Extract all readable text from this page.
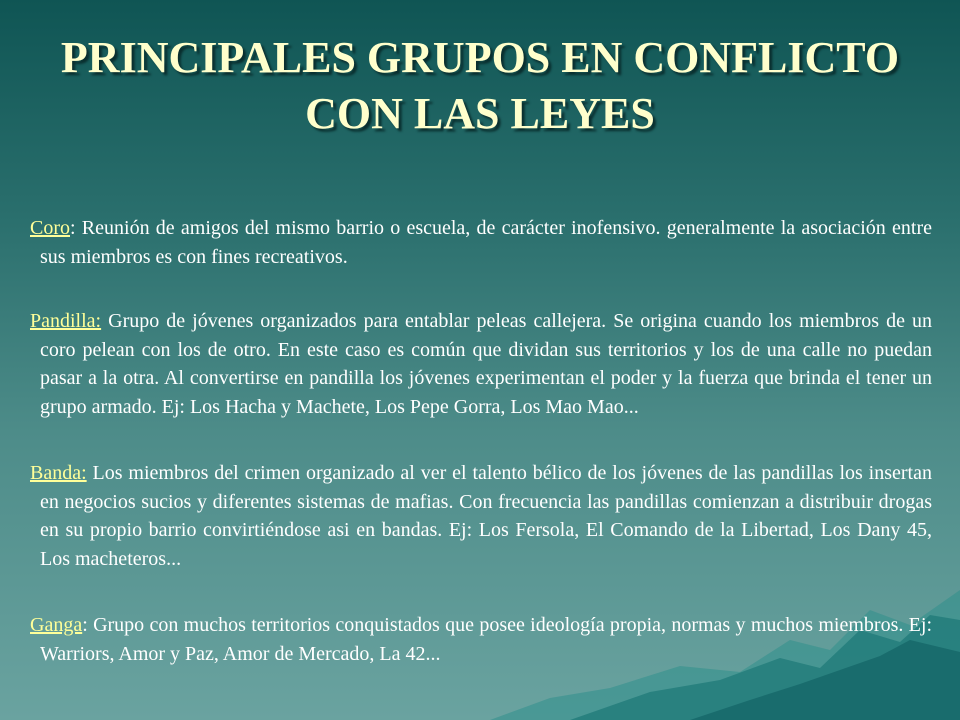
PRINCIPALES GRUPOS EN CONFLICTO
CON LAS LEYES

Coro: Reunión de amigos del mismo barrio o escuela, de carácter inofensivo. generalmente la asociación entre sus miembros es con fines recreativos.

Pandilla: Grupo de jóvenes organizados para entablar peleas callejera. Se origina cuando los miembros de un coro pelean con los de otro. En este caso es común que dividan sus territorios y los de una calle no puedan pasar a la otra. Al convertirse en pandilla los jóvenes experimentan el poder y la fuerza que brinda el tener un grupo armado. Ej: Los Hacha y Machete, Los Pepe Gorra, Los Mao Mao...

Banda: Los miembros del crimen organizado al ver el talento bélico de los jóvenes de las pandillas los insertan en negocios sucios y diferentes sistemas de mafias. Con frecuencia las pandillas comienzan a distribuir drogas en su propio barrio convirtiéndose asi en bandas. Ej: Los Fersola, El Comando de la Libertad, Los Dany 45, Los macheteros...

Ganga: Grupo con muchos territorios conquistados que posee ideología propia, normas y muchos miembros. Ej: Warriors, Amor y Paz, Amor de Mercado, La 42...
